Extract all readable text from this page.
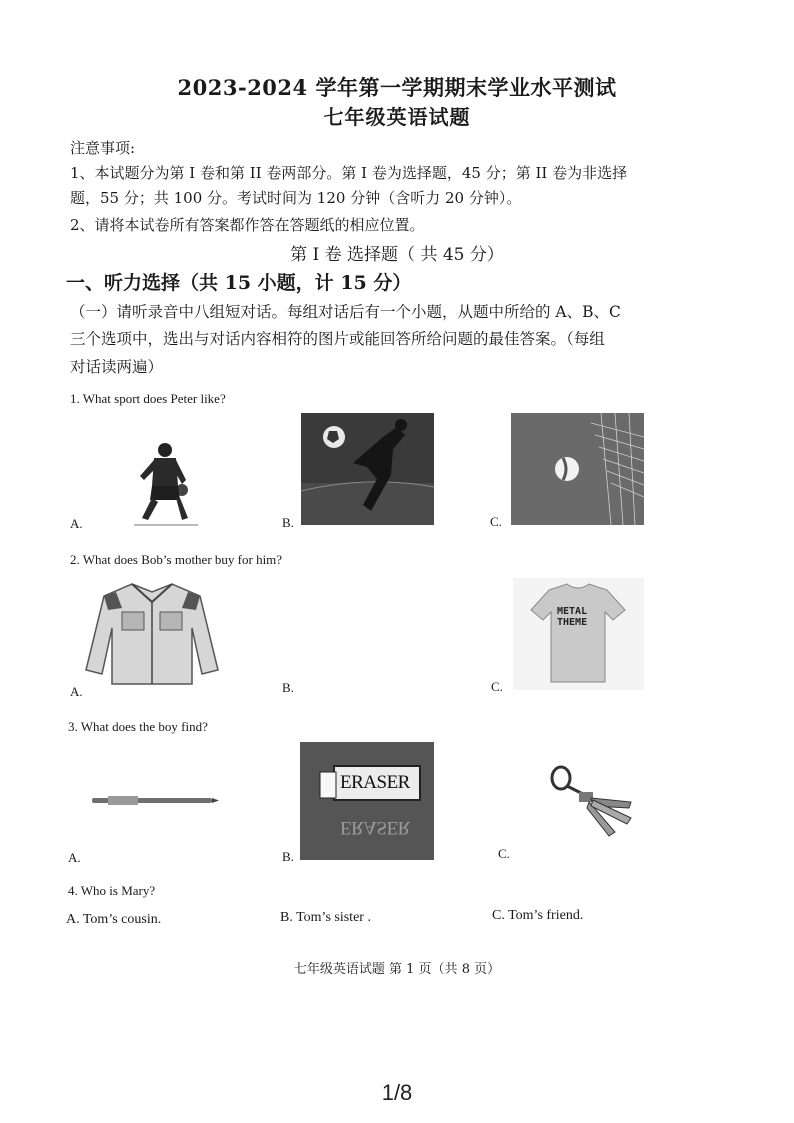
2023-2024 学年第一学期期末学业水平测试
七年级英语试题
注意事项:
1、本试题分为第 I 卷和第 II 卷两部分。第 I 卷为选择题，45 分；第 II 卷为非选择
题，55 分；共 100 分。考试时间为 120 分钟（含听力 20 分钟）。
2、请将本试卷所有答案都作答在答题纸的相应位置。
第 I 卷 选择题（ 共 45 分）
一、听力选择（共 15 小题，计 15 分）
（一）请听录音中八组短对话。每组对话后有一个小题，从题中所给的 A、B、C
三个选项中，选出与对话内容相符的图片或能回答所给问题的最佳答案。（每组
对话读两遍）
1. What sport does Peter like?
A.	B.	C.
2. What does Bob’s mother buy for him?
A.	B.
METAL
THEME
C.
3. What does the boy find?
A.
ERASER
ERASER
B.	C.
4. Who is Mary?
A. Tom’s cousin.	B. Tom’s sister .	C. Tom’s friend.
七年级英语试题 第 1 页（共 8 页）
1/8
